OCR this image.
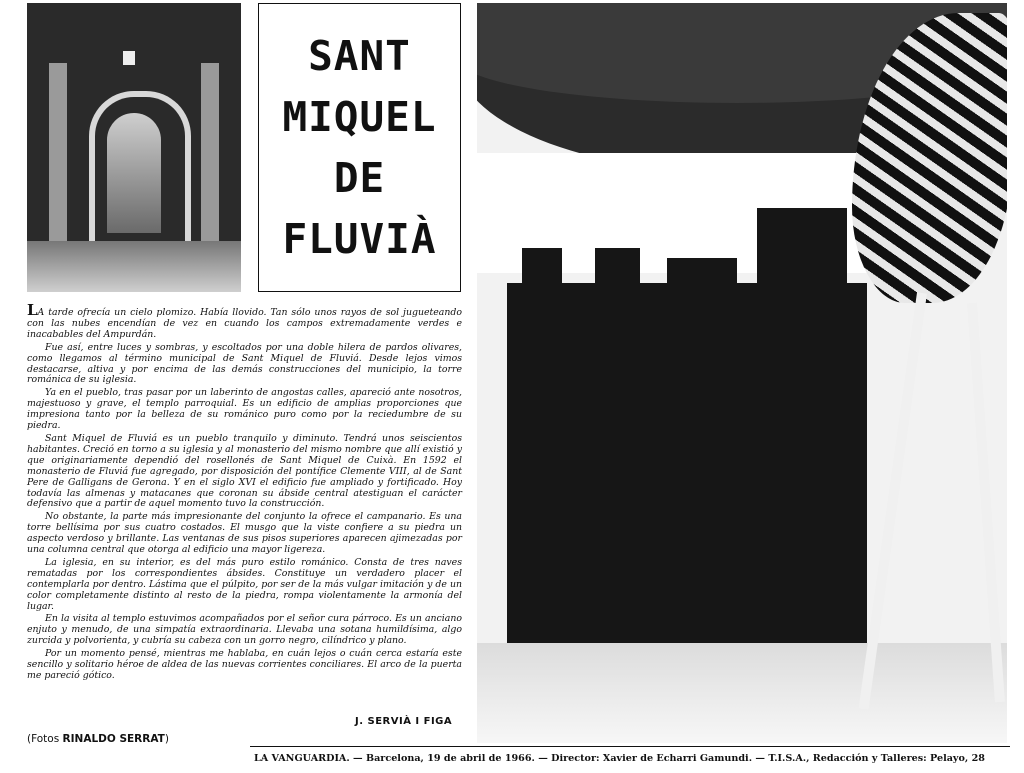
SANT
MIQUEL
DE
FLUVIÀ

LA tarde ofrecía un cielo plomizo. Había llovido. Tan sólo unos rayos de sol jugueteando con las nubes encendían de vez en cuando los campos extremadamente verdes e inacabables del Ampurdán.

Fue así, entre luces y sombras, y escoltados por una doble hilera de pardos olivares, como llegamos al término municipal de Sant Miquel de Fluviá. Desde lejos vimos destacarse, altiva y por encima de las demás construcciones del municipio, la torre románica de su iglesia.

Ya en el pueblo, tras pasar por un laberinto de angostas calles, apareció ante nosotros, majestuoso y grave, el templo parroquial. Es un edificio de amplias proporciones que impresiona tanto por la belleza de su románico puro como por la reciedumbre de su piedra.

Sant Miquel de Fluviá es un pueblo tranquilo y diminuto. Tendrá unos seiscientos habitantes. Creció en torno a su iglesia y al monasterio del mismo nombre que allí existió y que originariamente dependió del rosellonés de Sant Miquel de Cuixà. En 1592 el monasterio de Fluviá fue agregado, por disposición del pontífice Clemente VIII, al de Sant Pere de Galligans de Gerona. Y en el siglo XVI el edificio fue ampliado y fortificado. Hoy todavía las almenas y matacanes que coronan su ábside central atestiguan el carácter defensivo que a partir de aquel momento tuvo la construcción.

No obstante, la parte más impresionante del conjunto la ofrece el campanario. Es una torre bellísima por sus cuatro costados. El musgo que la viste confiere a su piedra un aspecto verdoso y brillante. Las ventanas de sus pisos superiores aparecen ajimezadas por una columna central que otorga al edificio una mayor ligereza.

La iglesia, en su interior, es del más puro estilo románico. Consta de tres naves rematadas por los correspondientes ábsides. Constituye un verdadero placer el contemplarla por dentro. Lástima que el púlpito, por ser de la más vulgar imitación y de un color completamente distinto al resto de la piedra, rompa violentamente la armonía del lugar.

En la visita al templo estuvimos acompañados por el señor cura párroco. Es un anciano enjuto y menudo, de una simpatía extraordinaria. Llevaba una sotana humildísima, algo zurcida y polvorienta, y cubría su cabeza con un gorro negro, cilíndrico y plano.

Por un momento pensé, mientras me hablaba, en cuán lejos o cuán cerca estaría este sencillo y solitario héroe de aldea de las nuevas corrientes conciliares. El arco de la puerta me pareció gótico.

J. SERVIÀ I FIGA
(Fotos RINALDO SERRAT)
LA VANGUARDIA. — Barcelona, 19 de abril de 1966. — Director: Xavier de Echarri Gamundi. — T.I.S.A., Redacción y Talleres: Pelayo, 28
